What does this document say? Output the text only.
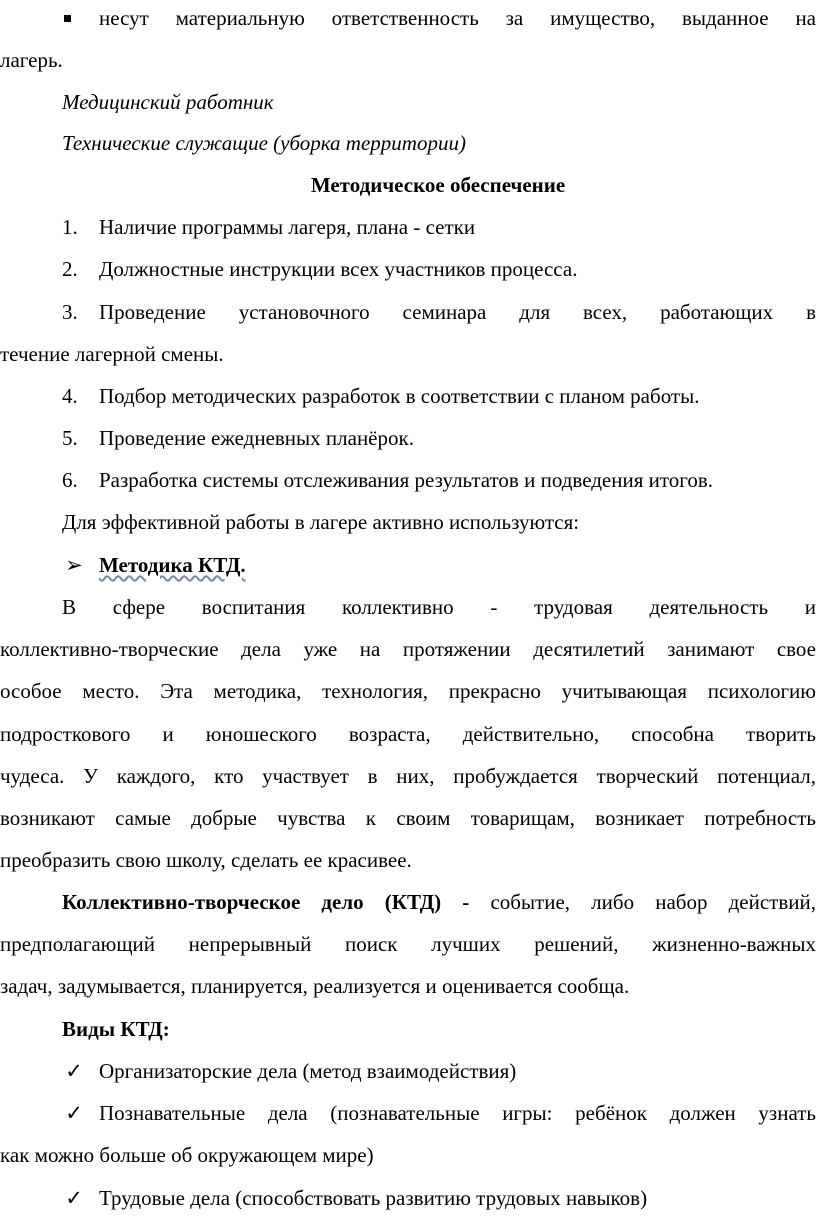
несут материальную ответственность за имущество, выданное на
лагерь.
Медицинский работник
Технические служащие (уборка территории)
Методическое обеспечение
1. Наличие программы лагеря, плана - сетки
2. Должностные инструкции всех участников процесса.
3. Проведение установочного семинара для всех, работающих в
течение лагерной смены.
4. Подбор методических разработок в соответствии с планом работы.
5. Проведение ежедневных планёрок.
6. Разработка системы отслеживания результатов и подведения итогов.
Для эффективной работы в лагере активно используются:
➢ Методика КТД.
В сфере воспитания коллективно - трудовая деятельность и
коллективно-творческие дела уже на протяжении десятилетий занимают свое
особое место. Эта методика, технология, прекрасно учитывающая психологию
подросткового и юношеского возраста, действительно, способна творить
чудеса. У каждого, кто участвует в них, пробуждается творческий потенциал,
возникают самые добрые чувства к своим товарищам, возникает потребность
преобразить свою школу, сделать ее красивее.
Коллективно-творческое дело (КТД) - событие, либо набор действий,
предполагающий непрерывный поиск лучших решений, жизненно-важных
задач, задумывается, планируется, реализуется и оценивается сообща.
Виды КТД:
✓ Организаторские дела (метод взаимодействия)
✓ Познавательные дела (познавательные игры: ребёнок должен узнать
как можно больше об окружающем мире)
✓ Трудовые дела (способствовать развитию трудовых навыков)
